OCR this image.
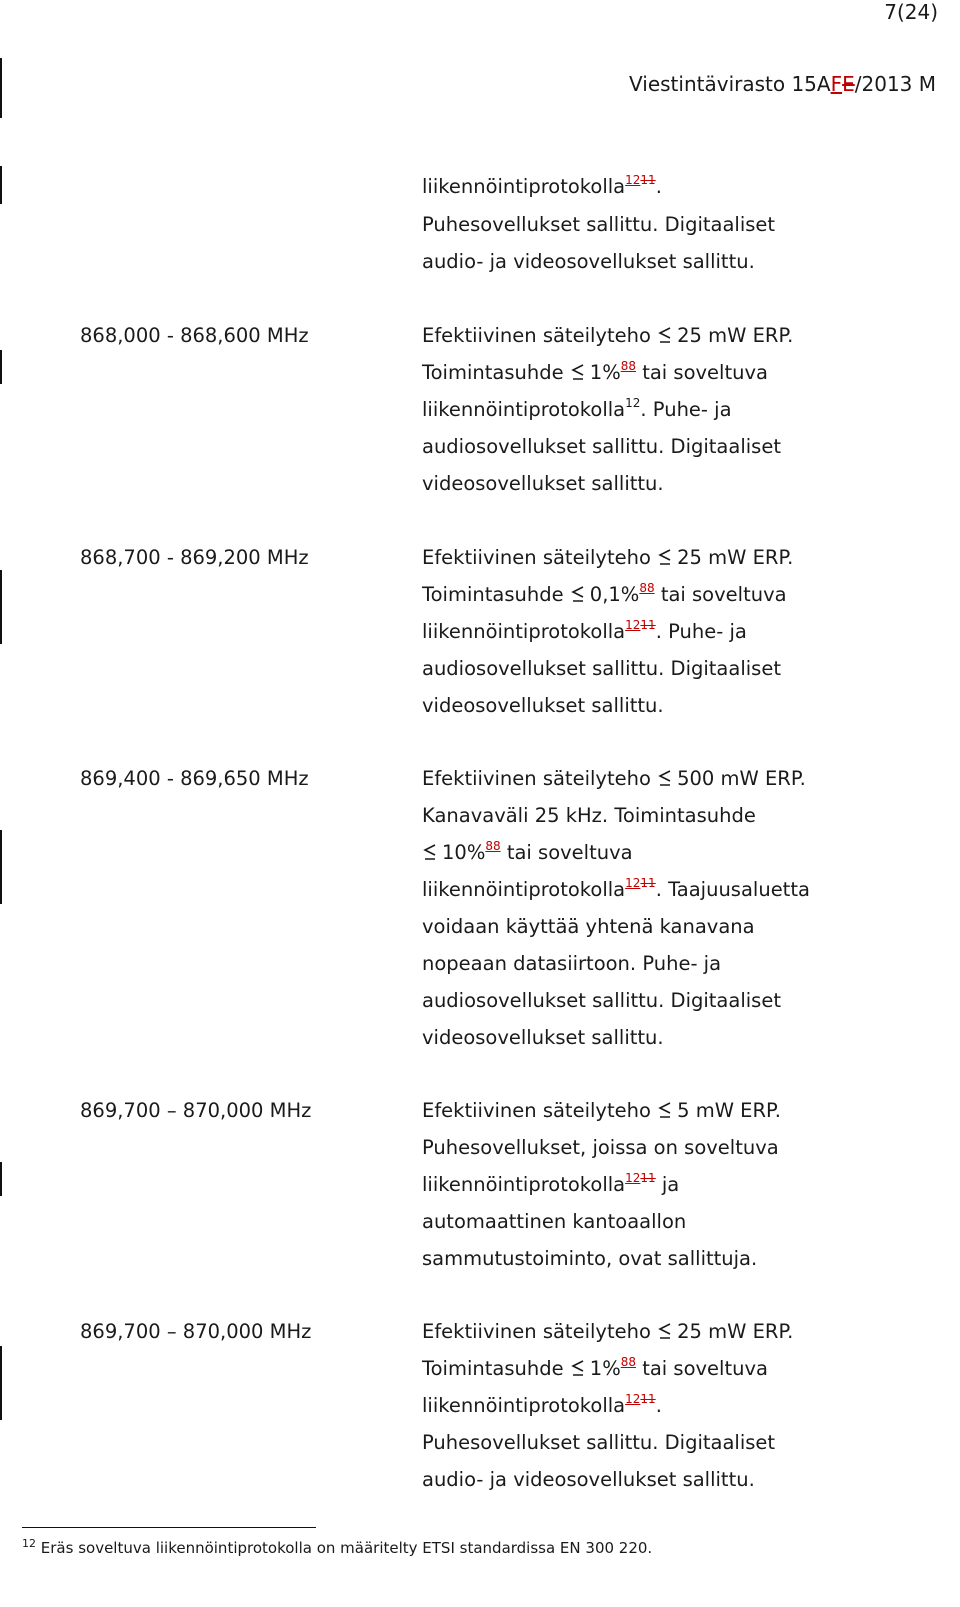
7(24)
Viestintävirasto 15AFE/2013 M
liikennöintiprotokolla$^{1211}$.
Puhesovellukset sallittu. Digitaaliset
audio- ja videosovellukset sallittu.
868,000 - 868,600 MHz	Efektiivinen säteilyteho 25 mW ERP.
Toimintasuhde 1%$^{88}$ tai soveltuva
liikennöintiprotokolla$^{12}$. Puhe- ja
audiosovellukset sallittu. Digitaaliset
videosovellukset sallittu.
868,700 - 869,200 MHz	Efektiivinen säteilyteho 25 mW ERP.
Toimintasuhde 0,1%$^{88}$ tai soveltuva
liikennöintiprotokolla$^{1211}$. Puhe- ja
audiosovellukset sallittu. Digitaaliset
videosovellukset sallittu.
869,400 - 869,650 MHz	Efektiivinen säteilyteho 500 mW ERP.
Kanavaväli 25 kHz. Toimintasuhde
10%$^{88}$ tai soveltuva
liikennöintiprotokolla$^{1211}$. Taajuusaluetta
voidaan käyttää yhtenä kanavana
nopeaan datasiirtoon. Puhe- ja
audiosovellukset sallittu. Digitaaliset
videosovellukset sallittu.
869,700 – 870,000 MHz	Efektiivinen säteilyteho 5 mW ERP.
Puhesovellukset, joissa on soveltuva
liikennöintiprotokolla$^{1211}$ ja
automaattinen kantoaallon
sammutustoiminto, ovat sallittuja.
869,700 – 870,000 MHz	Efektiivinen säteilyteho 25 mW ERP.
Toimintasuhde 1%$^{88}$ tai soveltuva
liikennöintiprotokolla$^{1211}$.
Puhesovellukset sallittu. Digitaaliset
audio- ja videosovellukset sallittu.
$^{12}$ Eräs soveltuva liikennöintiprotokolla on määritelty ETSI standardissa EN 300 220.
